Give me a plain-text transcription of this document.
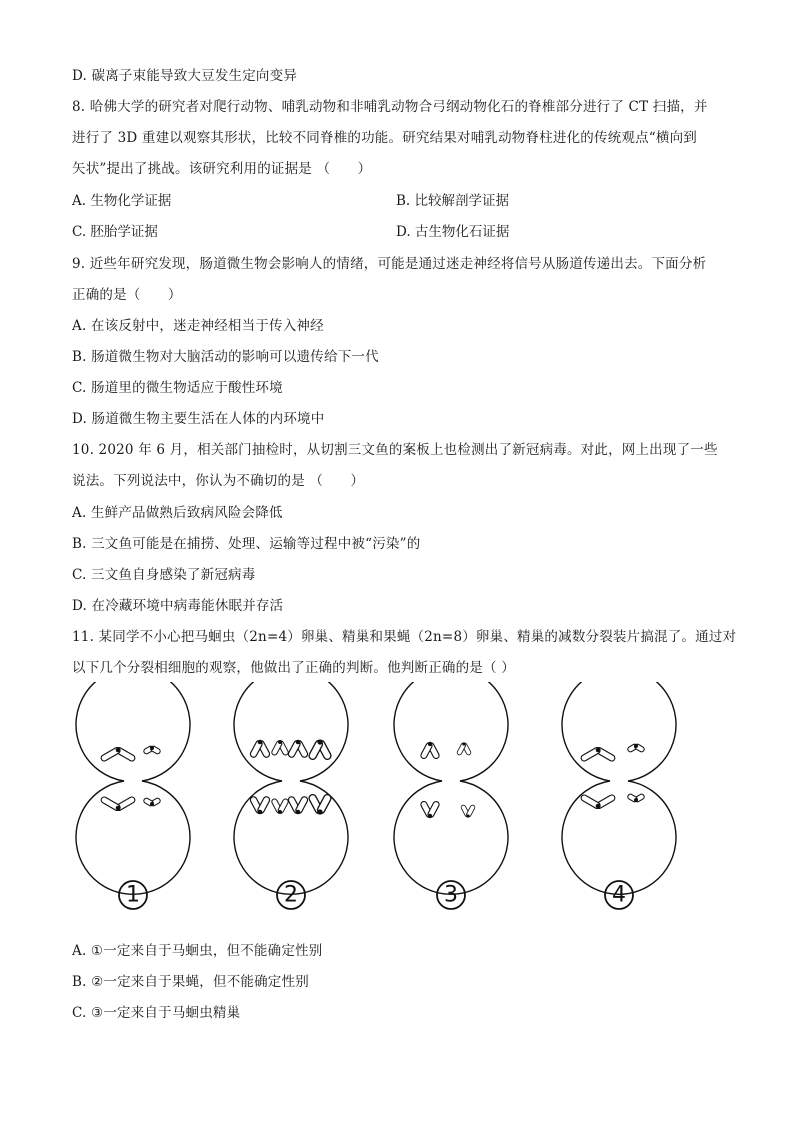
D. 碳离子束能导致大豆发生定向变异
8. 哈佛大学的研究者对爬行动物、哺乳动物和非哺乳动物合弓纲动物化石的脊椎部分进行了 CT 扫描，并
进行了 3D 重建以观察其形状，比较不同脊椎的功能。研究结果对哺乳动物脊柱进化的传统观点“横向到
矢状”提出了挑战。该研究利用的证据是 （　　）
A. 生物化学证据	B. 比较解剖学证据
C. 胚胎学证据	D. 古生物化石证据
9. 近些年研究发现，肠道微生物会影响人的情绪，可能是通过迷走神经将信号从肠道传递出去。下面分析
正确的是（　　）
A. 在该反射中，迷走神经相当于传入神经
B. 肠道微生物对大脑活动的影响可以遗传给下一代
C. 肠道里的微生物适应于酸性环境
D. 肠道微生物主要生活在人体的内环境中
10. 2020 年 6 月，相关部门抽检时，从切割三文鱼的案板上也检测出了新冠病毒。对此，网上出现了一些
说法。下列说法中，你认为不确切的是 （　　）
A. 生鲜产品做熟后致病风险会降低
B. 三文鱼可能是在捕捞、处理、运输等过程中被“污染”的
C. 三文鱼自身感染了新冠病毒
D. 在冷藏环境中病毒能休眠并存活
11. 某同学不小心把马蛔虫（2n=4）卵巢、精巢和果蝇（2n=8）卵巢、精巢的减数分裂装片搞混了。通过对
以下几个分裂相细胞的观察，他做出了正确的判断。他判断正确的是（ ）
1	2	3	4
A. ①一定来自于马蛔虫，但不能确定性别
B. ②一定来自于果蝇，但不能确定性别
C. ③一定来自于马蛔虫精巢
